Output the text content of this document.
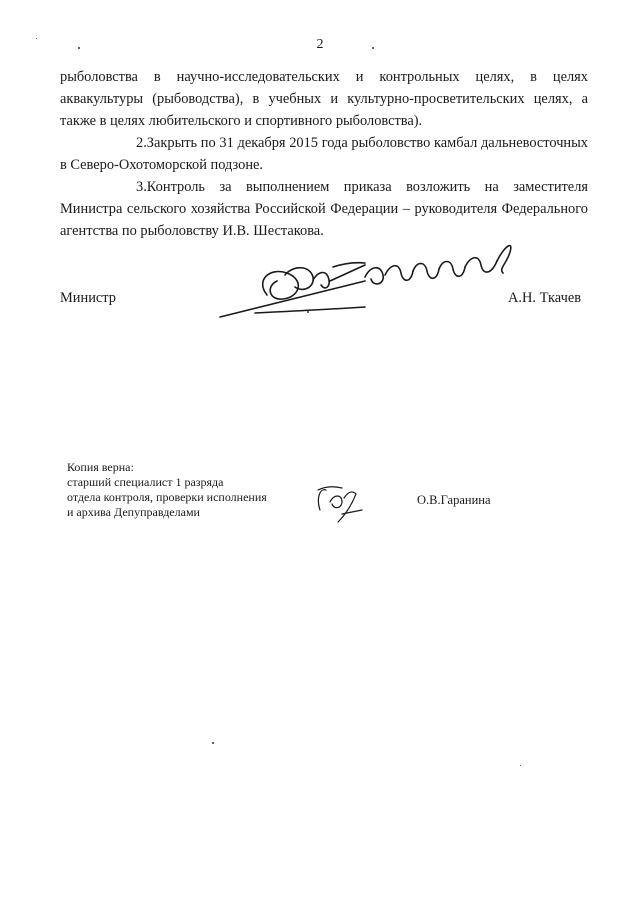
2

рыболовства в научно-исследовательских и контрольных целях, в целях аквакультуры (рыбоводства), в учебных и культурно-просветительских целях, а также в целях любительского и спортивного рыболовства).

2.Закрыть по 31 декабря 2015 года рыболовство камбал дальневосточных в Северо-Охотоморской подзоне.

3.Контроль за выполнением приказа возложить на заместителя Министра сельского хозяйства Российской Федерации – руководителя Федерального агентства по рыболовству И.В. Шестакова.

Министр	А.Н. Ткачев
Копия верна:
старший специалист 1 разряда
отдела контроля, проверки исполнения
и архива Депуправделами
О.В.Гаранина
